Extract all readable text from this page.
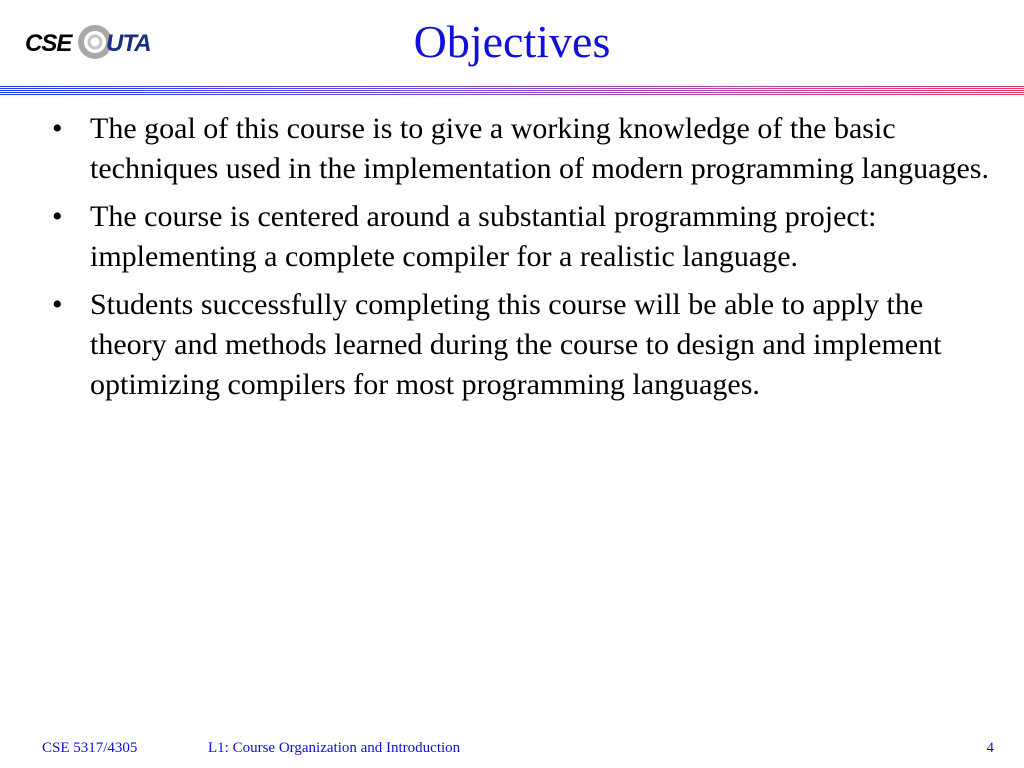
CSE UTA	Objectives
• The goal of this course is to give a working knowledge of the basic techniques used in the implementation of modern programming languages.
• The course is centered around a substantial programming project: implementing a complete compiler for a realistic language.
• Students successfully completing this course will be able to apply the theory and methods learned during the course to design and implement optimizing compilers for most programming languages.
CSE 5317/4305	L1: Course Organization and Introduction	4
